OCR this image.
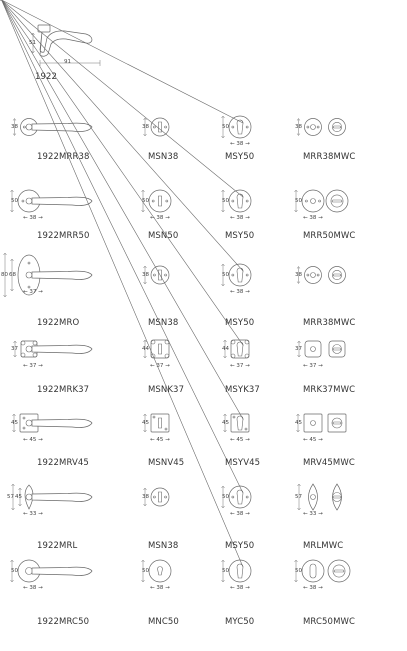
51
91
1922
1922MRR38
38
MSN38
38
MSY50
50
← 38 →
MRR38MWC
38
1922MRR50
50
← 38 →
MSN50
50
← 38 →
MSY50
50
← 38 →
MRR50MWC
50
← 38 →
1922MRO
68
80
← 37 →
MSN38
38
MSY50
50
← 38 →
MRR38MWC
38
1922MRK37
37
← 37 →
MSNK37
44
← 37 →
MSYK37
44
← 37 →
MRK37MWC
37
← 37 →
1922MRV45
45
← 45 →
MSNV45
45
← 45 →
MSYV45
45
← 45 →
MRV45MWC
45
← 45 →
1922MRL
45
57
← 33 →
MSN38
38
MSY50
50
← 38 →
MRLMWC
57
← 33 →
1922MRC50
50
← 38 →
MNC50
50
← 38 →
MYC50
50
← 38 →
MRC50MWC
50
← 38 →
